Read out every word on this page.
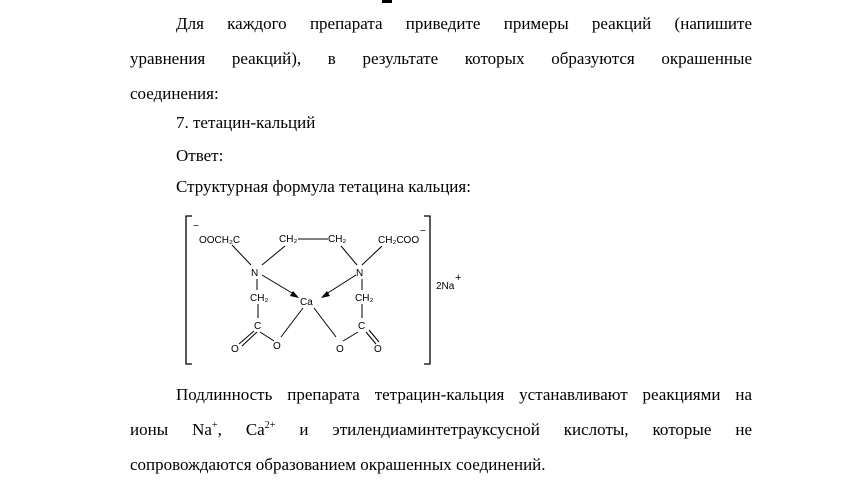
Для каждого препарата приведите примеры реакций (напишите
уравнения реакций), в результате которых образуются окрашенные
соединения:
7. тетацин-кальций
Ответ:
Структурная формула тетацина кальция:
−
OOCH₂C	CH₂	CH₂	CH₂COO
−
N	N
CH₂	CH₂
Ca
C	C
O	O	O	O
2Na
+
Подлинность препарата тетрацин-кальция устанавливают реакциями на
ионы Na+, $Ca^{2+}$ и этилендиаминтетрауксусной кислоты, которые не
сопровождаются образованием окрашенных соединений.
